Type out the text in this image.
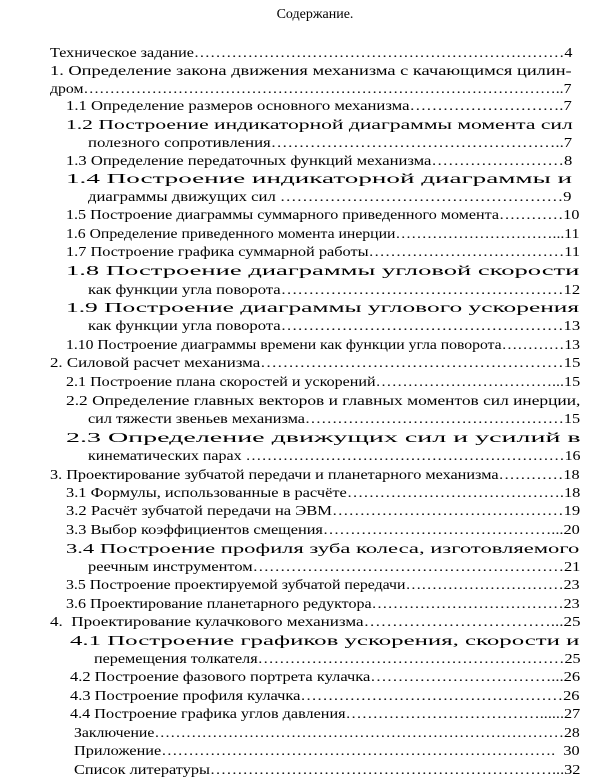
Содержание.
Техническое задание……………………………………………………………4
1. Определение закона движения механизма с качающимся цилин-
дром………………………………………………………………………………..7
1.1 Определение размеров основного механизма……………………….7
1.2 Построение индикаторной диаграммы момента сил
полезного сопротивления……………………………………………..7
1.3 Определение передаточных функций механизма……………………8
1.4 Построение индикаторной диаграммы и
диаграммы движущих сил ……………………………………………9
1.5 Построение диаграммы суммарного приведенного момента…………10
1.6 Определение приведенного момента инерции…………………………...11
1.7 Построение графика суммарной работы………………………………11
1.8 Построение диаграммы угловой скорости
как функции угла поворота……………………………………………12
1.9 Построение диаграммы углового ускорения
как функции угла поворота……………………………………………13
1.10 Построение диаграммы времени как функции угла поворота…………13
2. Силовой расчет механизма………………………………………………15
2.1 Построение плана скоростей и ускорений……………………………...15
2.2 Определение главных векторов и главных моментов сил инерции,
сил тяжести звеньев механизма…………………………………………15
2.3 Определение движущих сил и усилий в
кинематических парах ……………………………………………………16
3. Проектирование зубчатой передачи и планетарного механизма…………18
3.1 Формулы, использованные в расчёте………………………………….18
3.2 Расчёт зубчатой передачи на ЭВМ……………………………………19
3.3 Выбор коэффициентов смещения……………………………………...20
3.4 Построение профиля зуба колеса, изготовляемого
реечным инструментом…………………………………………………21
3.5 Построение проектируемой зубчатой передачи…………………………23
3.6 Проектирование планетарного редуктора………………………………23
4.  Проектирование кулачкового механизма……………………………...25
4.1 Построение графиков ускорения, скорости и
перемещения толкателя…………………………………………………25
4.2 Построение фазового портрета кулачка……………………………...26
4.3 Построение профиля кулачка…………………………………………26
4.4 Построение графика углов давления………………………………......27
Заключение……………………………………………………………………28
Приложение……………………………………………………………….  30
Список литературы………………………………………………………...32
